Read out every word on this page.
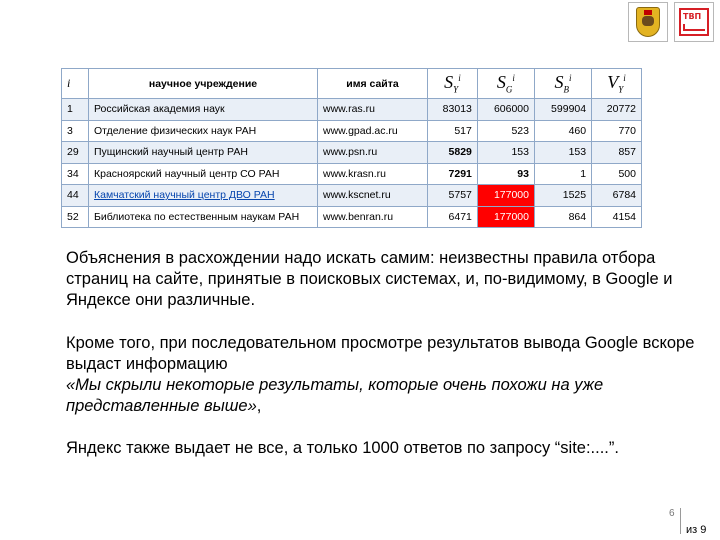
ТВП
i	научное учреждение	имя сайта	$S_Y^i$	$S_G^i$	$S_B^i$	$V_Y^i$
1	Российская академия наук	www.ras.ru	83013	606000	599904	20772
3	Отделение физических наук РАН	www.gpad.ac.ru	517	523	460	770
29	Пущинский научный центр РАН	www.psn.ru	5829	153	153	857
34	Красноярский научный центр СО РАН	www.krasn.ru	7291	93	1	500
44	Камчатский научный центр ДВО РАН	www.kscnet.ru	5757	177000	1525	6784
52	Библиотека по естественным наукам РАН	www.benran.ru	6471	177000	864	4154

Объяснения в расхождении надо искать самим: неизвестны правила отбора страниц на сайте, принятые в поисковых системах, и, по-видимому, в Google и Яндексе они различные.

Кроме того, при последовательном просмотре результатов вывода Google вскоре выдаст информацию
«Мы скрыли некоторые результаты, которые очень похожи на уже представленные выше»,

Яндекс также выдает не все, а только 1000 ответов по запросу “site:....”.

6
из 9
